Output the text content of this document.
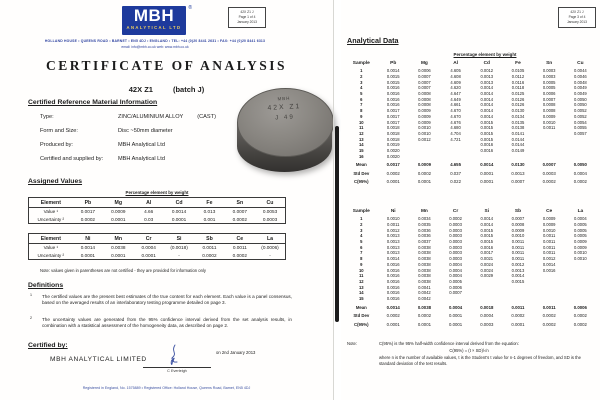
MBH
ANALYTICAL LTD
®
42X Z1 J
Page 1 of 4
January 2013
HOLLAND HOUSE • QUEENS ROAD • BARNET • EN5 4DJ • ENGLAND • TEL: +44 (0)20 8441 2631 • FAX: +44 (0)20 8441 6313
email: info@mbh.co.uk web: www.mbh.co.uk
CERTIFICATE OF ANALYSIS
42X Z1	(batch J)
Certified Reference Material Information
Type:	ZINC/ALUMINIUM ALLOY	(CAST)
Form and Size:	Disc ~50mm diameter
Produced by:	MBH Analytical Ltd
Certified and supplied by:	MBH Analytical Ltd
MBH
42X Z1
J 49
Assigned Values
Percentage element by weight
Element	Pb	Mg	Al	Cd	Fe	Sn	Cu
Value ¹	0.0017	0.0009	4.66	0.0014	0.013	0.0007	0.0053
Uncertainty ²	0.0002	0.0001	0.03	0.0001	0.001	0.0002	0.0003
Element	Ni	Mn	Cr	Si	Sb	Ce	La
Value ¹	0.0014	0.0038	0.0004	(0.0018)	0.0011	0.0011	(0.0006)
Uncertainty ²	0.0001	0.0001	0.0001	-	0.0002	0.0002	-
Note: values given in parentheses are not certified - they are provided for information only
Definitions
1 The certified values are the present best estimates of the true content for each element. Each value is a panel consensus, based on the averaged results of an interlaboratory testing programme detailed on page 3.
2 The uncertainty values are generated from the 95% confidence interval derived from the set analysis results, in combination with a statistical assessment of the homogeneity data, as described on page 2.
Certified by:
MBH ANALYTICAL LIMITED
C Everleigh
on 2nd January 2013
Registered in England, No. 1575889 • Registered Office: Holland House, Queens Road, Barnet, EN5 4DJ
42X Z1 J
Page 3 of 4
January 2013
Analytical Data
Percentage element by weight
Sample	Pb	Mg	Al	Cd	Fe	Sn	Cu
1	0.0014	0.0006	4.605	0.0012	0.0105	0.0003	0.0044
2	0.0015	0.0007	4.608	0.0013	0.0112	0.0003	0.0046
3	0.0015	0.0007	4.609	0.0013	0.0116	0.0005	0.0048
4	0.0016	0.0007	4.620	0.0014	0.0118	0.0005	0.0049
5	0.0016	0.0008	4.647	0.0014	0.0125	0.0006	0.0049
6	0.0016	0.0008	4.649	0.0014	0.0126	0.0007	0.0050
7	0.0016	0.0008	4.661	0.0014	0.0126	0.0008	0.0050
8	0.0017	0.0009	4.670	0.0014	0.0130	0.0008	0.0052
9	0.0017	0.0009	4.670	0.0014	0.0134	0.0009	0.0052
10	0.0017	0.0009	4.676	0.0015	0.0135	0.0010	0.0054
11	0.0018	0.0010	4.680	0.0015	0.0138	0.0011	0.0055
12	0.0018	0.0010	4.704	0.0015	0.0141		0.0057
13	0.0018	0.0012	4.721	0.0015	0.0144		
14	0.0019			0.0016	0.0144		
15	0.0020			0.0016	0.0149		
16	0.0020						
Mean	0.0017	0.0009	4.655	0.0014	0.0130	0.0007	0.0050
Std Dev	0.0002	0.0002	0.037	0.0001	0.0013	0.0003	0.0004
C(95%)	0.0001	0.0001	0.022	0.0001	0.0007	0.0002	0.0002
Sample	Ni	Mn	Cr	Si	Sb	Ce	La
1	0.0010	0.0034	0.0002	0.0014	0.0007	0.0009	0.0004
2	0.0011	0.0035	0.0003	0.0014	0.0008	0.0009	0.0005
3	0.0012	0.0036	0.0003	0.0015	0.0009	0.0010	0.0005
4	0.0013	0.0036	0.0003	0.0015	0.0010	0.0011	0.0005
5	0.0013	0.0037	0.0003	0.0015	0.0011	0.0011	0.0009
6	0.0013	0.0038	0.0003	0.0016	0.0011	0.0011	0.0009
7	0.0013	0.0038	0.0003	0.0017	0.0011	0.0011	0.0010
8	0.0014	0.0038	0.0003	0.0021	0.0011	0.0012	0.0010
9	0.0016	0.0038	0.0004	0.0024	0.0012	0.0014	
10	0.0016	0.0038	0.0004	0.0024	0.0013	0.0016	
11	0.0016	0.0038	0.0004	0.0029	0.0014		
12	0.0016	0.0038	0.0005		0.0015		
13	0.0016	0.0041	0.0006				
14	0.0016	0.0042	0.0007				
15	0.0016	0.0042					
Mean	0.0014	0.0038	0.0004	0.0018	0.0011	0.0011	0.0006
Std Dev	0.0002	0.0002	0.0001	0.0004	0.0002	0.0002	0.0002
C(95%)	0.0001	0.0001	0.0001	0.0003	0.0001	0.0002	0.0002
Note:	C(95%) is the 95% half-width confidence interval derived from the equation:
C(95%) = (t × SD)/√n
where n is the number of available values, t is the Student's t value for n-1 degrees of freedom, and SD is the standard deviation of the test results.
